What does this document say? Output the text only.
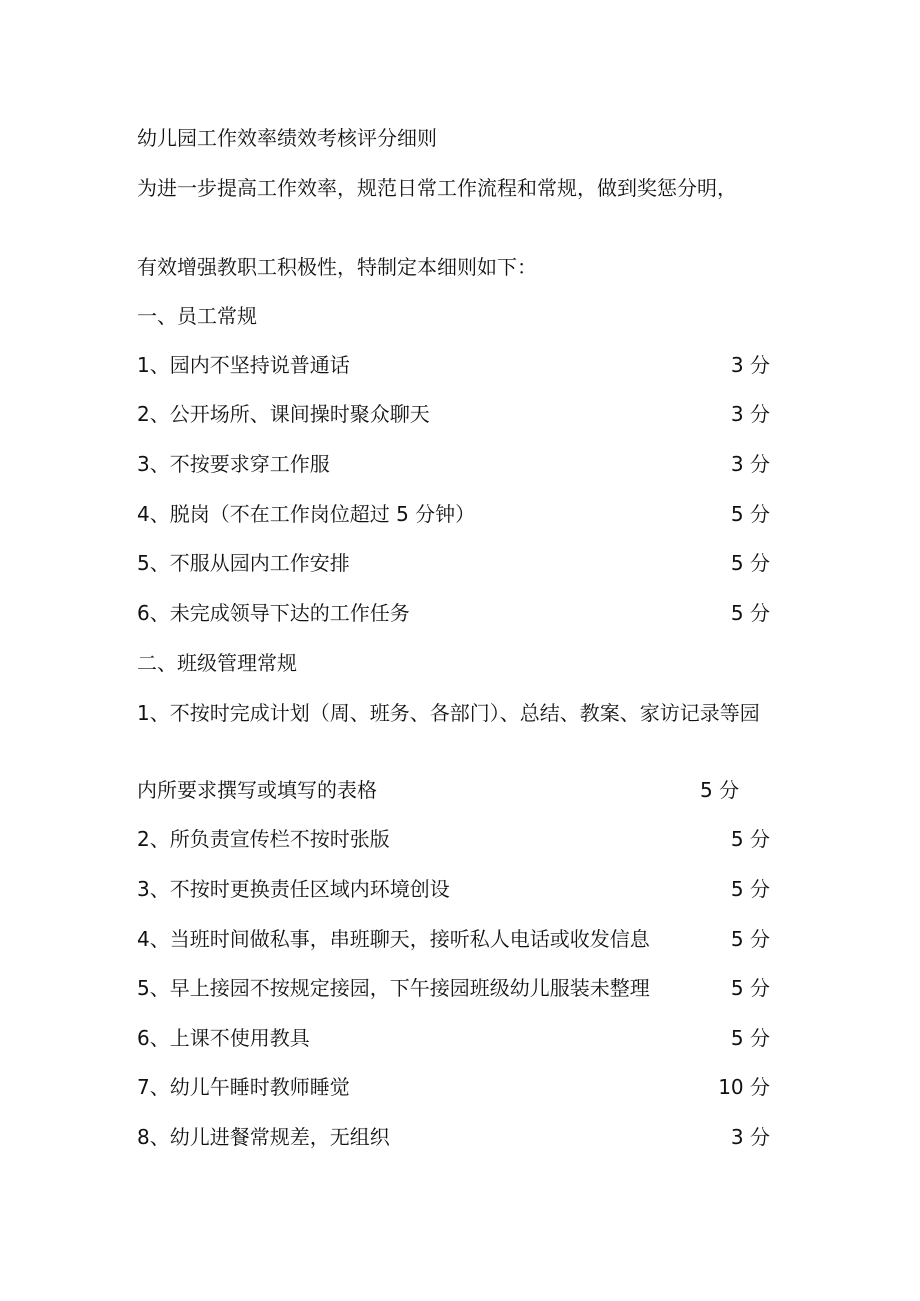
幼儿园工作效率绩效考核评分细则
为进一步提高工作效率，规范日常工作流程和常规，做到奖惩分明，
有效增强教职工积极性，特制定本细则如下：
一、员工常规
1、园内不坚持说普通话	3 分
2、公开场所、课间操时聚众聊天	3 分
3、不按要求穿工作服	3 分
4、脱岗（不在工作岗位超过 5 分钟）	5 分
5、不服从园内工作安排	5 分
6、未完成领导下达的工作任务	5 分
二、班级管理常规
1、不按时完成计划（周、班务、各部门）、总结、教案、家访记录等园
内所要求撰写或填写的表格	5 分
2、所负责宣传栏不按时张版	5 分
3、不按时更换责任区域内环境创设	5 分
4、当班时间做私事，串班聊天，接听私人电话或收发信息	5 分
5、早上接园不按规定接园，下午接园班级幼儿服装未整理	5 分
6、上课不使用教具	5 分
7、幼儿午睡时教师睡觉	10 分
8、幼儿进餐常规差，无组织	3 分
